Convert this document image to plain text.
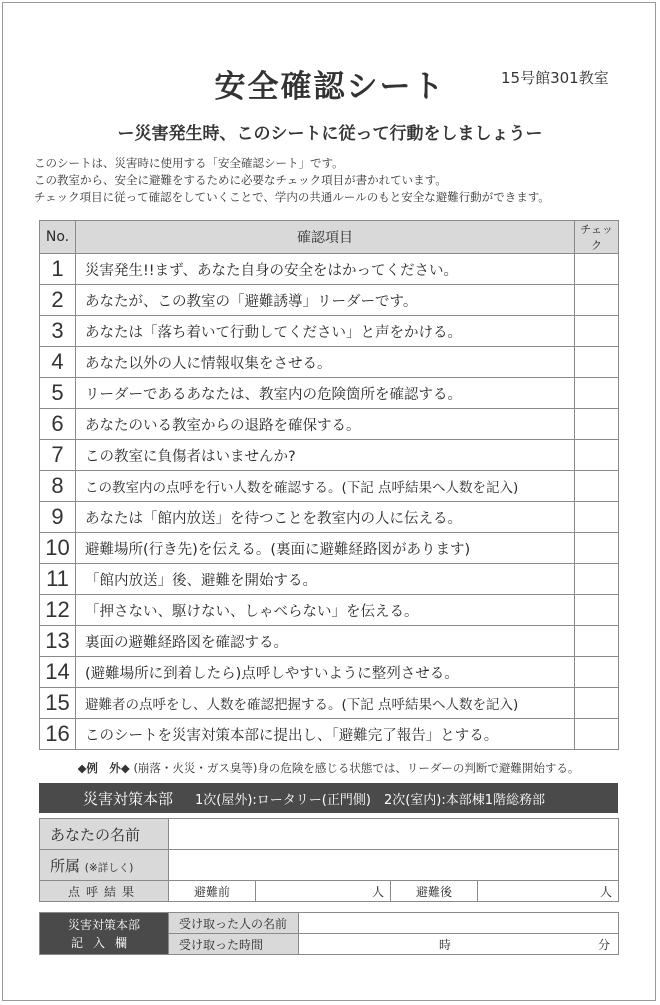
安全確認シート	15号館301教室
ー災害発生時、このシートに従って行動をしましょうー
このシートは、災害時に使用する「安全確認シート」です。
この教室から、安全に避難をするために必要なチェック項目が書かれています。
チェック項目に従って確認をしていくことで、学内の共通ルールのもと安全な避難行動ができます。
No.	確認項目	チェック
1	災害発生!!まず、あなた自身の安全をはかってください。	
2	あなたが、この教室の「避難誘導」リーダーです。	
3	あなたは「落ち着いて行動してください」と声をかける。	
4	あなた以外の人に情報収集をさせる。	
5	リーダーであるあなたは、教室内の危険箇所を確認する。	
6	あなたのいる教室からの退路を確保する。	
7	この教室に負傷者はいませんか?	
8	この教室内の点呼を行い人数を確認する。(下記 点呼結果へ人数を記入)	
9	あなたは「館内放送」を待つことを教室内の人に伝える。	
10	避難場所(行き先)を伝える。(裏面に避難経路図があります)	
11	「館内放送」後、避難を開始する。	
12	「押さない、駆けない、しゃべらない」を伝える。	
13	裏面の避難経路図を確認する。	
14	(避難場所に到着したら)点呼しやすいように整列させる。	
15	避難者の点呼をし、人数を確認把握する。(下記 点呼結果へ人数を記入)	
16	このシートを災害対策本部に提出し、「避難完了報告」とする。	
◆例　外◆ (崩落・火災・ガス臭等)身の危険を感じる状態では、リーダーの判断で避難開始する。
災害対策本部 1次(屋外):ロータリー(正門側)　2次(室内):本部棟1階総務部
あなたの名前				
所属 (※詳しく)				
点呼結果	避難前	人	避難後	人
災害対策本部
記入欄	受け取った人の名前	
	受け取った時間	時 分
